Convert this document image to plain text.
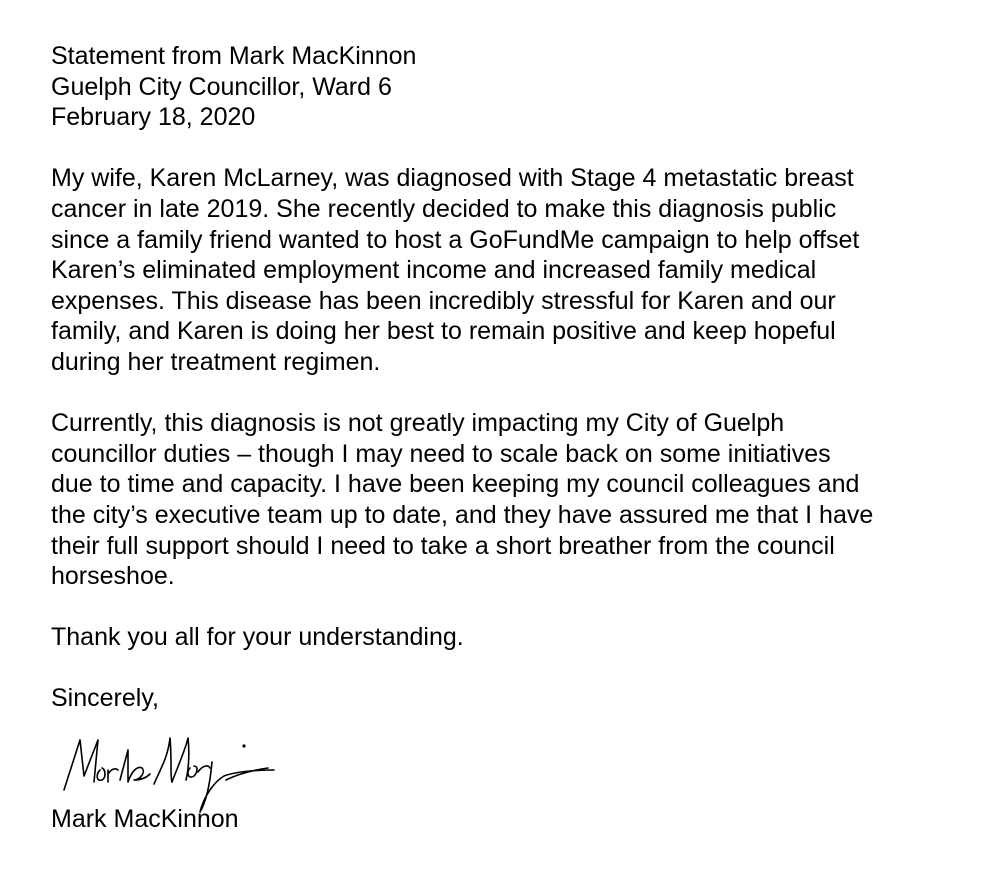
Statement from Mark MacKinnon
Guelph City Councillor, Ward 6
February 18, 2020
My wife, Karen McLarney, was diagnosed with Stage 4 metastatic breast
cancer in late 2019. She recently decided to make this diagnosis public
since a family friend wanted to host a GoFundMe campaign to help offset
Karen’s eliminated employment income and increased family medical
expenses. This disease has been incredibly stressful for Karen and our
family, and Karen is doing her best to remain positive and keep hopeful
during her treatment regimen.
Currently, this diagnosis is not greatly impacting my City of Guelph
councillor duties – though I may need to scale back on some initiatives
due to time and capacity. I have been keeping my council colleagues and
the city’s executive team up to date, and they have assured me that I have
their full support should I need to take a short breather from the council
horseshoe.
Thank you all for your understanding.
Sincerely,
Mark MacKinnon
